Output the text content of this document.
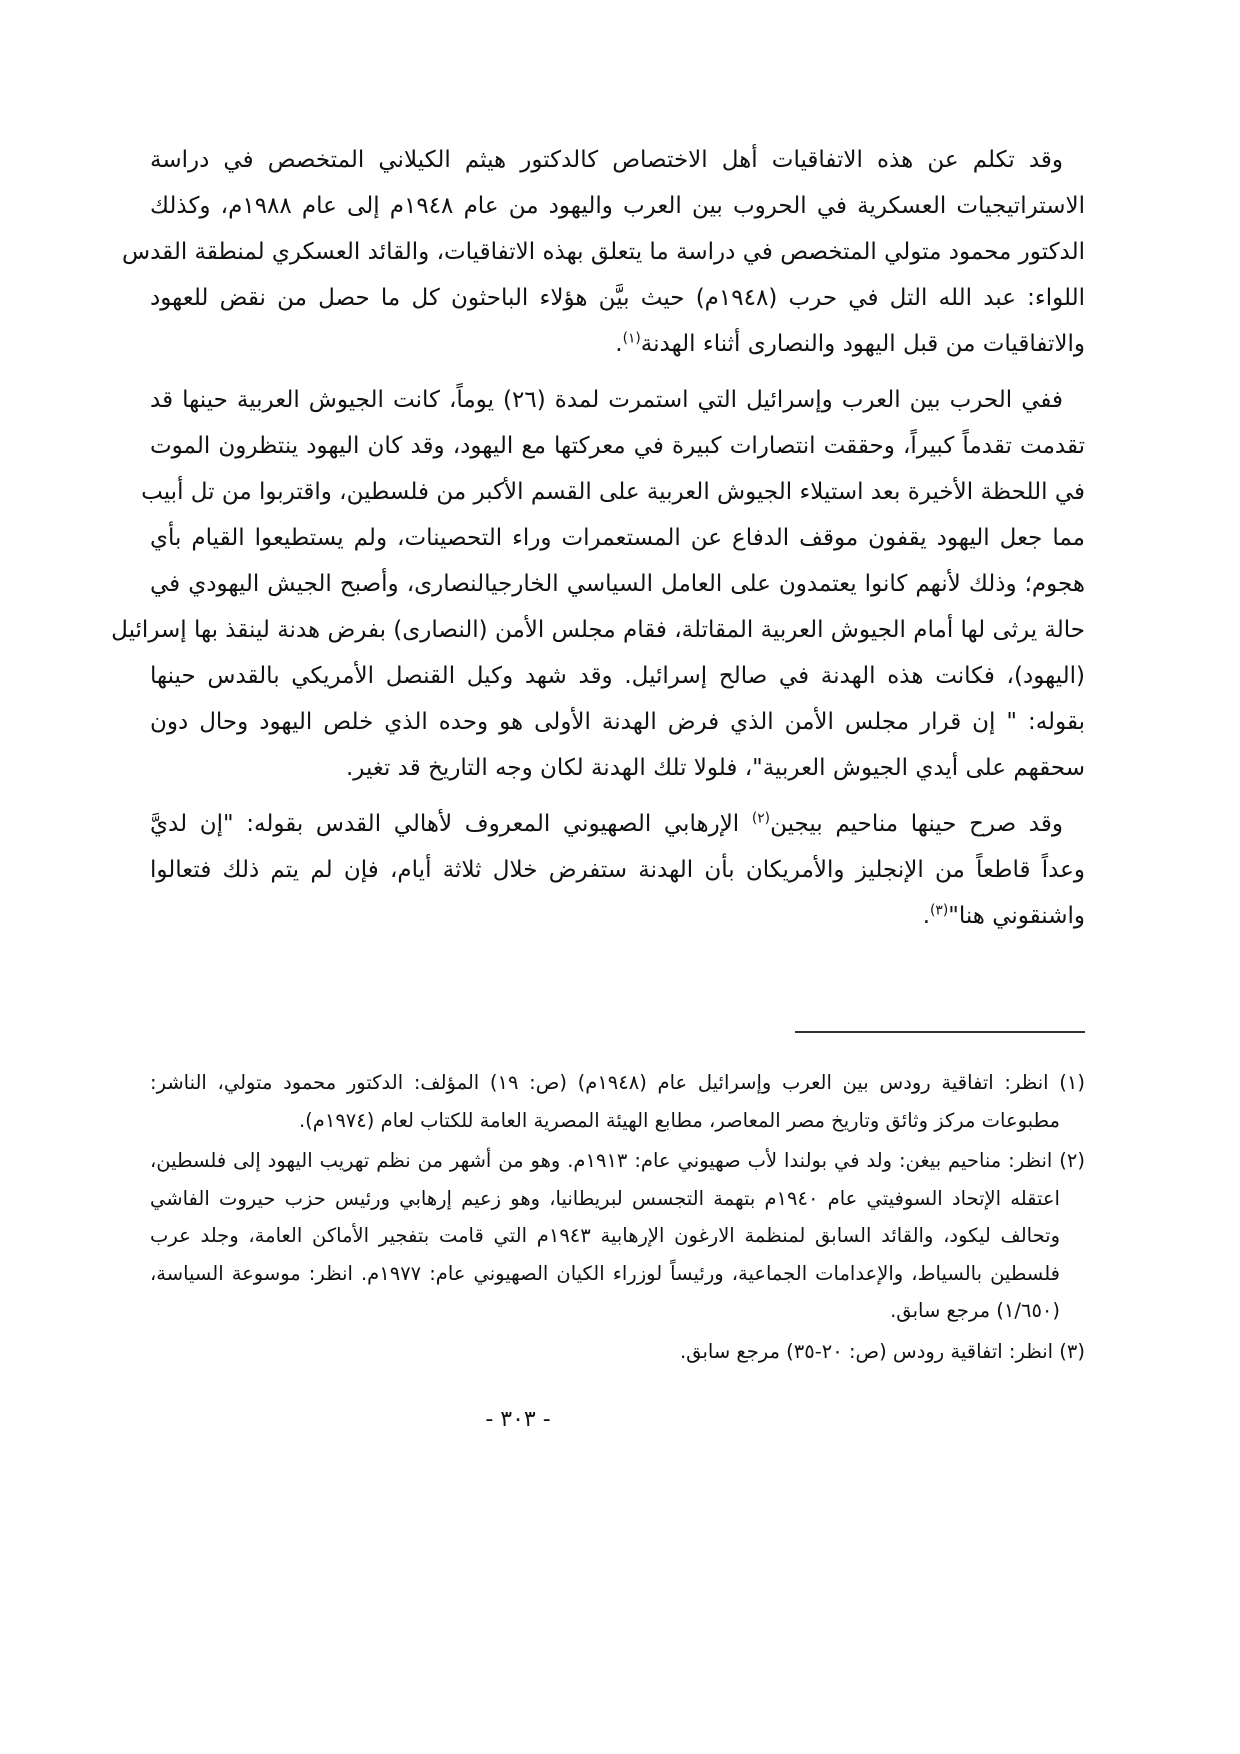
وقد تكلم عن هذه الاتفاقيات أهل الاختصاص كالدكتور هيثم الكيلاني المتخصص في دراسة
الاستراتيجيات العسكرية في الحروب بين العرب واليهود من عام ١٩٤٨م إلى عام ١٩٨٨م، وكذلك
الدكتور محمود متولي المتخصص في دراسة ما يتعلق بهذه الاتفاقيات، والقائد العسكري لمنطقة القدس
اللواء: عبد الله التل في حرب (١٩٤٨م) حيث بيَّن هؤلاء الباحثون كل ما حصل من نقض للعهود
والاتفاقيات من قبل اليهود والنصارى أثناء الهدنة$^{(١)}$.
ففي الحرب بين العرب وإسرائيل التي استمرت لمدة (٢٦) يوماً، كانت الجيوش العربية حينها قد
تقدمت تقدماً كبيراً، وحققت انتصارات كبيرة في معركتها مع اليهود، وقد كان اليهود ينتظرون الموت
في اللحظة الأخيرة بعد استيلاء الجيوش العربية على القسم الأكبر من فلسطين، واقتربوا من تل أبيب
مما جعل اليهود يقفون موقف الدفاع عن المستعمرات وراء التحصينات، ولم يستطيعوا القيام بأي
هجوم؛ وذلك لأنهم كانوا يعتمدون على العامل السياسي الخارجيالنصارى، وأصبح الجيش اليهودي في
حالة يرثى لها أمام الجيوش العربية المقاتلة، فقام مجلس الأمن (النصارى) بفرض هدنة لينقذ بها إسرائيل
(اليهود)، فكانت هذه الهدنة في صالح إسرائيل. وقد شهد وكيل القنصل الأمريكي بالقدس حينها
بقوله: " إن قرار مجلس الأمن الذي فرض الهدنة الأولى هو وحده الذي خلص اليهود وحال دون
سحقهم على أيدي الجيوش العربية"، فلولا تلك الهدنة لكان وجه التاريخ قد تغير.
وقد صرح حينها مناحيم بيجين$^{(٢)}$ الإرهابي الصهيوني المعروف لأهالي القدس بقوله: "إن لديَّ
وعداً قاطعاً من الإنجليز والأمريكان بأن الهدنة ستفرض خلال ثلاثة أيام، فإن لم يتم ذلك فتعالوا
واشنقوني هنا"$^{(٣)}$.
(١) انظر: اتفاقية رودس بين العرب وإسرائيل عام (١٩٤٨م) (ص: ١٩) المؤلف: الدكتور محمود متولي، الناشر:
مطبوعات مركز وثائق وتاريخ مصر المعاصر، مطابع الهيئة المصرية العامة للكتاب لعام (١٩٧٤م).
(٢) انظر: مناحيم بيغن: ولد في بولندا لأب صهيوني عام: ١٩١٣م. وهو من أشهر من نظم تهريب اليهود إلى فلسطين،
اعتقله الإتحاد السوفيتي عام ١٩٤٠م بتهمة التجسس لبريطانيا، وهو زعيم إرهابي ورئيس حزب حيروت الفاشي
وتحالف ليكود، والقائد السابق لمنظمة الارغون الإرهابية ١٩٤٣م التي قامت بتفجير الأماكن العامة، وجلد عرب
فلسطين بالسياط، والإعدامات الجماعية، ورئيساً لوزراء الكيان الصهيوني عام: ١٩٧٧م. انظر: موسوعة السياسة،
(١/٦٥٠) مرجع سابق.
(٣) انظر: اتفاقية رودس (ص: ٢٠-٣٥) مرجع سابق.
- ٣٠٣ -
